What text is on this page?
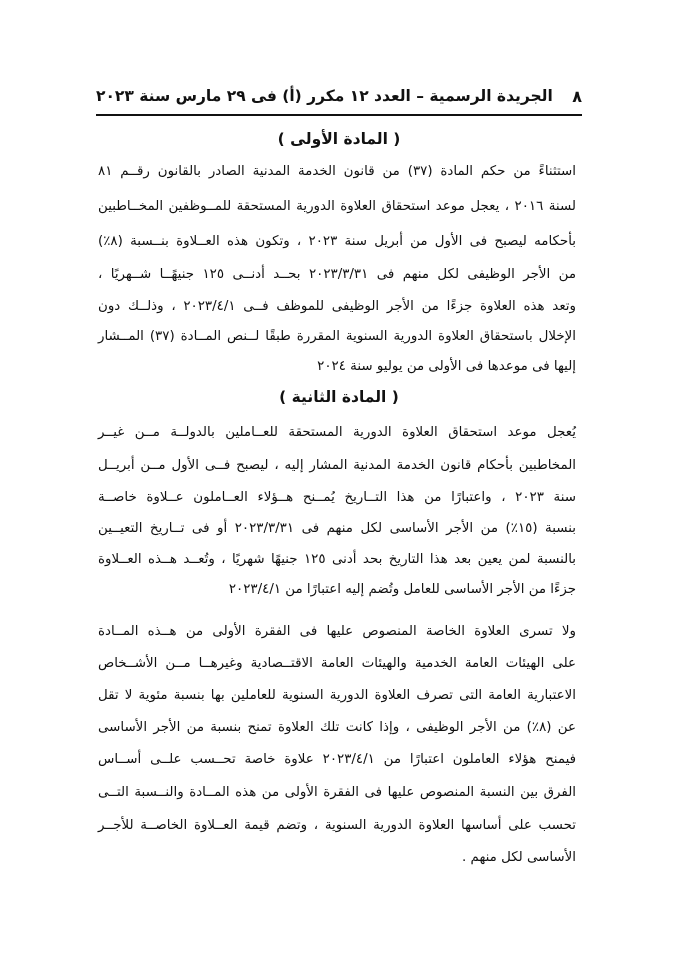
٨
الجريدة الرسمية – العدد ١٢ مكرر (أ) فى ٢٩ مارس سنة ٢٠٢٣
( المادة الأولى )
استثناءً من حكم المادة (٣٧) من قانون الخدمة المدنية الصادر بالقانون رقــم ٨١
لسنة ٢٠١٦ ، يعجل موعد استحقاق العلاوة الدورية المستحقة للمــوظفين المخــاطبين
بأحكامه ليصبح فى الأول من أبريل سنة ٢٠٢٣ ، وتكون هذه العــلاوة بنــسبة (٨٪)
من الأجر الوظيفى لكل منهم فى ٢٠٢٣/٣/٣١ بحــد أدنــى ١٢٥ جنيهًــا شــهريًا ،
وتعد هذه العلاوة جزءًا من الأجر الوظيفى للموظف فــى ٢٠٢٣/٤/١ ، وذلــك دون
الإخلال باستحقاق العلاوة الدورية السنوية المقررة طبقًا لــنص المــادة (٣٧) المــشار
إليها فى موعدها فى الأولى من يوليو سنة ٢٠٢٤
( المادة الثانية )
يُعجل موعد استحقاق العلاوة الدورية المستحقة للعــاملين بالدولــة مــن غيــر
المخاطبين بأحكام قانون الخدمة المدنية المشار إليه ، ليصبح فــى الأول مــن أبريــل
سنة ٢٠٢٣ ، واعتبارًا من هذا التــاريخ يُمــنح هــؤلاء العــاملون عــلاوة خاصــة
بنسبة (١٥٪) من الأجر الأساسى لكل منهم فى ٢٠٢٣/٣/٣١ أو فى تــاريخ التعيــين
بالنسبة لمن يعين بعد هذا التاريخ بحد أدنى ١٢٥ جنيهًا شهريًا ، وتُعــد هــذه العــلاوة
جزءًا من الأجر الأساسى للعامل وتُضم إليه اعتبارًا من ٢٠٢٣/٤/١
ولا تسرى العلاوة الخاصة المنصوص عليها فى الفقرة الأولى من هــذه المــادة
على الهيئات العامة الخدمية والهيئات العامة الاقتــصادية وغيرهــا مــن الأشــخاص
الاعتبارية العامة التى تصرف العلاوة الدورية السنوية للعاملين بها بنسبة مئوية لا تقل
عن (٨٪) من الأجر الوظيفى ، وإذا كانت تلك العلاوة تمنح بنسبة من الأجر الأساسى
فيمنح هؤلاء العاملون اعتبارًا من ٢٠٢٣/٤/١ علاوة خاصة تحــسب علــى أســاس
الفرق بين النسبة المنصوص عليها فى الفقرة الأولى من هذه المــادة والنــسبة التــى
تحسب على أساسها العلاوة الدورية السنوية ، وتضم قيمة العــلاوة الخاصــة للأجــر
الأساسى لكل منهم .
